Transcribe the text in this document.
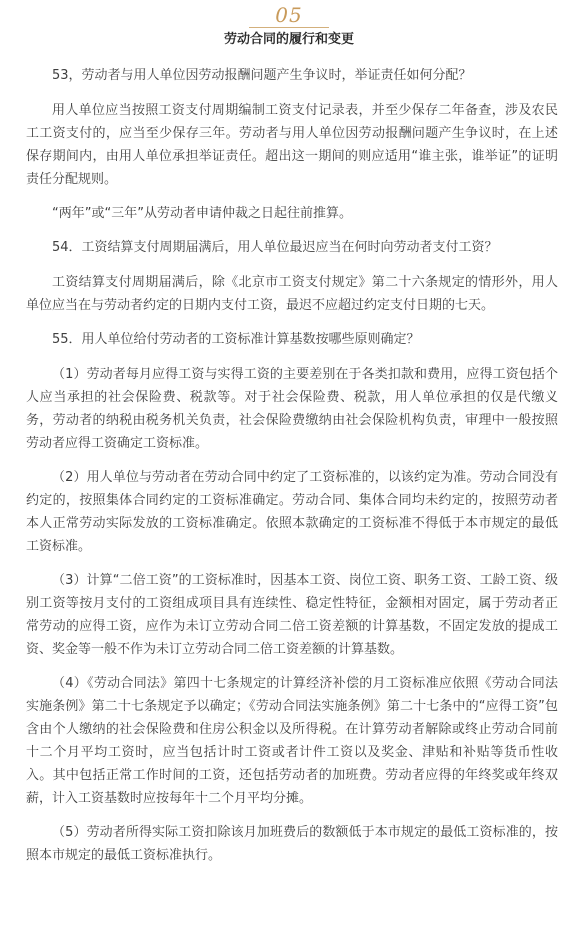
05
劳动合同的履行和变更

53，劳动者与用人单位因劳动报酬问题产生争议时，举证责任如何分配？

用人单位应当按照工资支付周期编制工资支付记录表，并至少保存二年备查，涉及农民工工资支付的，应当至少保存三年。劳动者与用人单位因劳动报酬问题产生争议时，在上述保存期间内，由用人单位承担举证责任。超出这一期间的则应适用“谁主张，谁举证”的证明责任分配规则。

“两年”或“三年”从劳动者申请仲裁之日起往前推算。

54．工资结算支付周期届满后，用人单位最迟应当在何时向劳动者支付工资？

工资结算支付周期届满后，除《北京市工资支付规定》第二十六条规定的情形外，用人单位应当在与劳动者约定的日期内支付工资，最迟不应超过约定支付日期的七天。

55．用人单位给付劳动者的工资标准计算基数按哪些原则确定？

（1）劳动者每月应得工资与实得工资的主要差别在于各类扣款和费用，应得工资包括个人应当承担的社会保险费、税款等。对于社会保险费、税款，用人单位承担的仅是代缴义务，劳动者的纳税由税务机关负责，社会保险费缴纳由社会保险机构负责，审理中一般按照劳动者应得工资确定工资标准。

（2）用人单位与劳动者在劳动合同中约定了工资标准的，以该约定为准。劳动合同没有约定的，按照集体合同约定的工资标准确定。劳动合同、集体合同均未约定的，按照劳动者本人正常劳动实际发放的工资标准确定。依照本款确定的工资标准不得低于本市规定的最低工资标准。

（3）计算“二倍工资”的工资标准时，因基本工资、岗位工资、职务工资、工龄工资、级别工资等按月支付的工资组成项目具有连续性、稳定性特征，金额相对固定，属于劳动者正常劳动的应得工资，应作为未订立劳动合同二倍工资差额的计算基数，不固定发放的提成工资、奖金等一般不作为未订立劳动合同二倍工资差额的计算基数。

（4）《劳动合同法》第四十七条规定的计算经济补偿的月工资标准应依照《劳动合同法实施条例》第二十七条规定予以确定；《劳动合同法实施条例》第二十七条中的“应得工资”包含由个人缴纳的社会保险费和住房公积金以及所得税。在计算劳动者解除或终止劳动合同前十二个月平均工资时，应当包括计时工资或者计件工资以及奖金、津贴和补贴等货币性收入。其中包括正常工作时间的工资，还包括劳动者的加班费。劳动者应得的年终奖或年终双薪，计入工资基数时应按每年十二个月平均分摊。

（5）劳动者所得实际工资扣除该月加班费后的数额低于本市规定的最低工资标准的，按照本市规定的最低工资标准执行。
